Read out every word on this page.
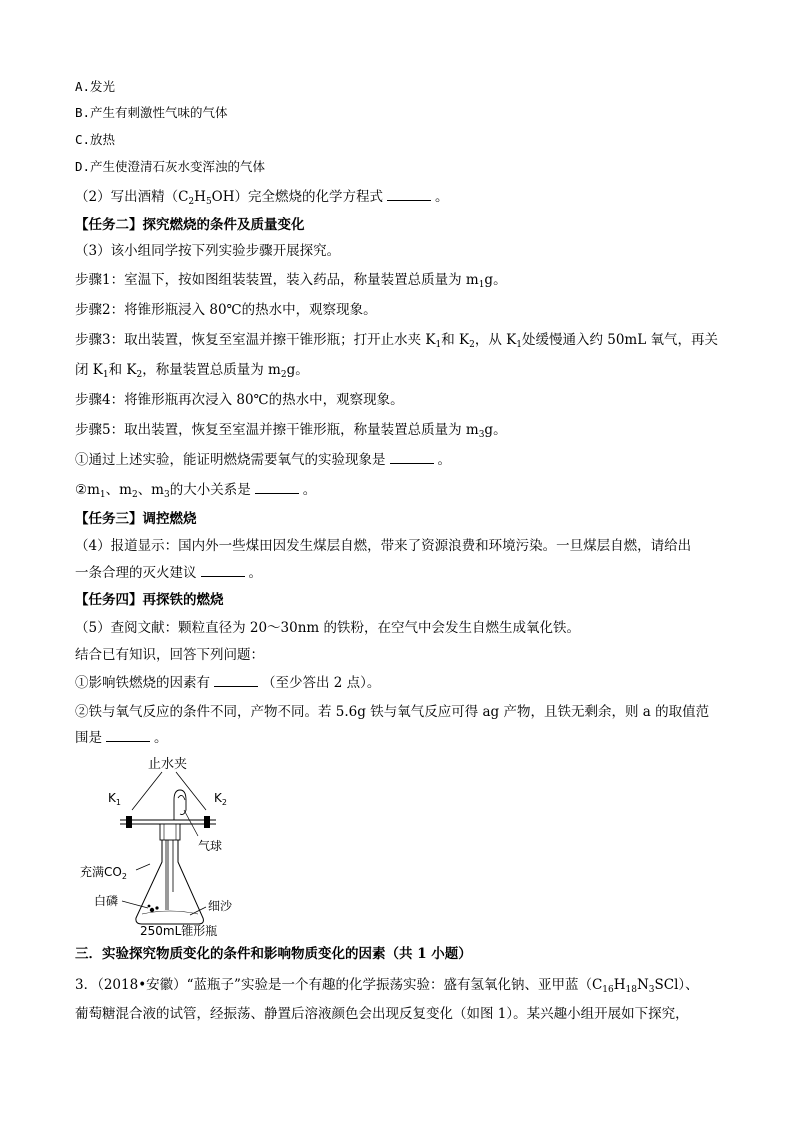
A.发光
B.产生有刺激性气味的气体
C.放热
D.产生使澄清石灰水变浑浊的气体
（2）写出酒精$(C_2H_5OH)$完全燃烧的化学方程式	。
【任务二】探究燃烧的条件及质量变化
（3）该小组同学按下列实验步骤开展探究。
步骤1：室温下，按如图组装装置，装入药品，称量装置总质量为 $m_1g$。
步骤2：将锥形瓶浸入 80℃的热水中，观察现象。
步骤3：取出装置，恢复至室温并擦干锥形瓶；打开止水夹 $K_1$和 $K_2$，从 $K_1$处缓慢通入约 50mL 氧气，再关
闭 $K_1$和 $K_2$，称量装置总质量为 $m_2g$。
步骤4：将锥形瓶再次浸入 80℃的热水中，观察现象。
步骤5：取出装置，恢复至室温并擦干锥形瓶，称量装置总质量为 $m_3g$。
①通过上述实验，能证明燃烧需要氧气的实验现象是	。
$②m_1$、$m_2$、$m_3$的大小关系是	。
【任务三】调控燃烧
（4）报道显示：国内外一些煤田因发生煤层自燃，带来了资源浪费和环境污染。一旦煤层自燃，请给出
一条合理的灭火建议	。
【任务四】再探铁的燃烧
（5）查阅文献：颗粒直径为 20～30nm 的铁粉，在空气中会发生自燃生成氧化铁。
结合已有知识，回答下列问题：
①影响铁燃烧的因素有	（至少答出 2 点）。
②铁与氧气反应的条件不同，产物不同。若 5.6g 铁与氧气反应可得 ag 产物，且铁无剩余，则 a 的取值范
围是	。
止水夹
$K_1$	$K_2$
气球
充满$CO_2$
白磷	细沙
250mL锥形瓶
三．实验探究物质变化的条件和影响物质变化的因素（共 1 小题）
3．（2018•安徽）“蓝瓶子”实验是一个有趣的化学振荡实验：盛有氢氧化钠、亚甲蓝$(C_{16}H_{18}N_3SCl)$、
葡萄糖混合液的试管，经振荡、静置后溶液颜色会出现反复变化（如图 1）。某兴趣小组开展如下探究，
